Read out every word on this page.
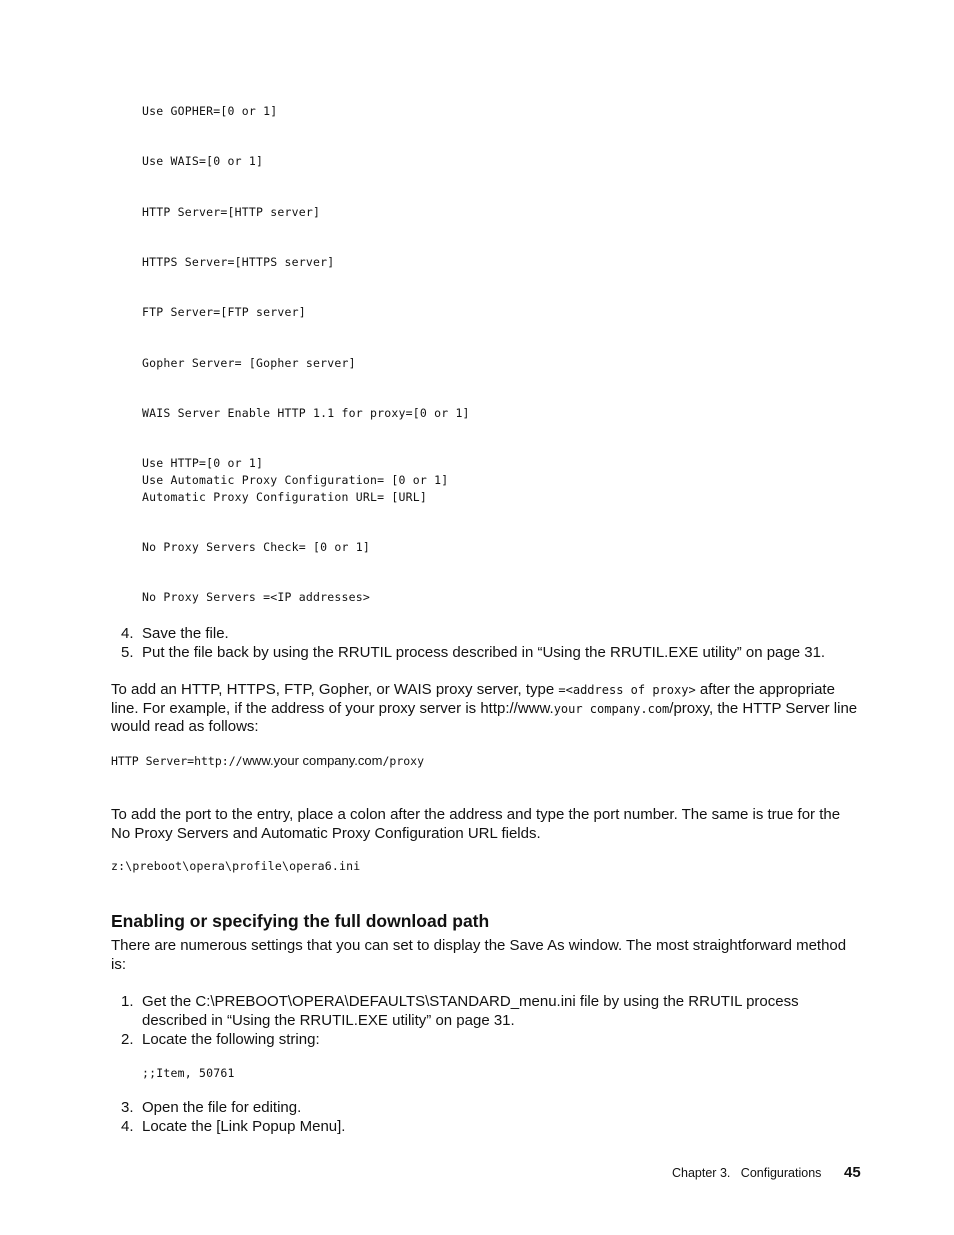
Use GOPHER=[0 or 1]
Use WAIS=[0 or 1]
HTTP Server=[HTTP server]
HTTPS Server=[HTTPS server]
FTP Server=[FTP server]
Gopher Server= [Gopher server]
WAIS Server Enable HTTP 1.1 for proxy=[0 or 1]
Use HTTP=[0 or 1]
Use Automatic Proxy Configuration= [0 or 1]
Automatic Proxy Configuration URL= [URL]
No Proxy Servers Check= [0 or 1]
No Proxy Servers =<IP addresses>
4. Save the file.
5. Put the file back by using the RRUTIL process described in “Using the RRUTIL.EXE utility” on page 31.
To add an HTTP, HTTPS, FTP, Gopher, or WAIS proxy server, type =<address of proxy> after the appropriate line. For example, if the address of your proxy server is http://www.your company.com/proxy, the HTTP Server line would read as follows:
HTTP Server=http://www.your company.com/proxy
To add the port to the entry, place a colon after the address and type the port number. The same is true for the No Proxy Servers and Automatic Proxy Configuration URL fields.
z:\preboot\opera\profile\opera6.ini
Enabling or specifying the full download path
There are numerous settings that you can set to display the Save As window. The most straightforward method is:
1. Get the C:\PREBOOT\OPERA\DEFAULTS\STANDARD_menu.ini file by using the RRUTIL process described in “Using the RRUTIL.EXE utility” on page 31.
2. Locate the following string:
;;Item, 50761
3. Open the file for editing.
4. Locate the [Link Popup Menu].
Chapter 3.   Configurations 45
